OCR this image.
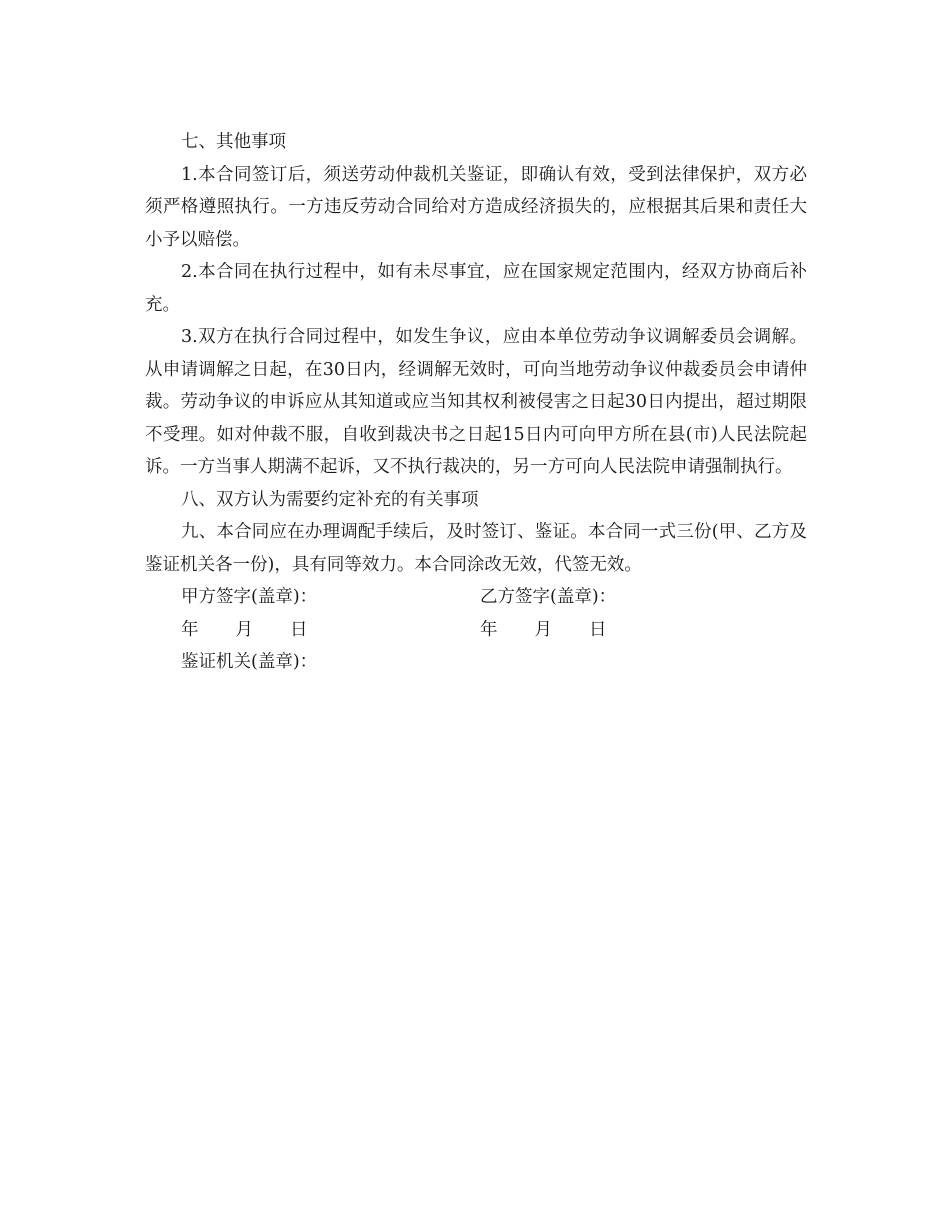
七、其他事项

1.本合同签订后，须送劳动仲裁机关鉴证，即确认有效，受到法律保护，双方必须严格遵照执行。一方违反劳动合同给对方造成经济损失的，应根据其后果和责任大小予以赔偿。

2.本合同在执行过程中，如有未尽事宜，应在国家规定范围内，经双方协商后补充。

3.双方在执行合同过程中，如发生争议，应由本单位劳动争议调解委员会调解。从申请调解之日起，在30日内，经调解无效时，可向当地劳动争议仲裁委员会申请仲裁。劳动争议的申诉应从其知道或应当知其权利被侵害之日起30日内提出，超过期限不受理。如对仲裁不服，自收到裁决书之日起15日内可向甲方所在县(市)人民法院起诉。一方当事人期满不起诉，又不执行裁决的，另一方可向人民法院申请强制执行。

八、双方认为需要约定补充的有关事项

九、本合同应在办理调配手续后，及时签订、鉴证。本合同一式三份(甲、乙方及鉴证机关各一份)，具有同等效力。本合同涂改无效，代签无效。

甲方签字(盖章)：	乙方签字(盖章)：
年 月 日	年 月 日
鉴证机关(盖章)：
